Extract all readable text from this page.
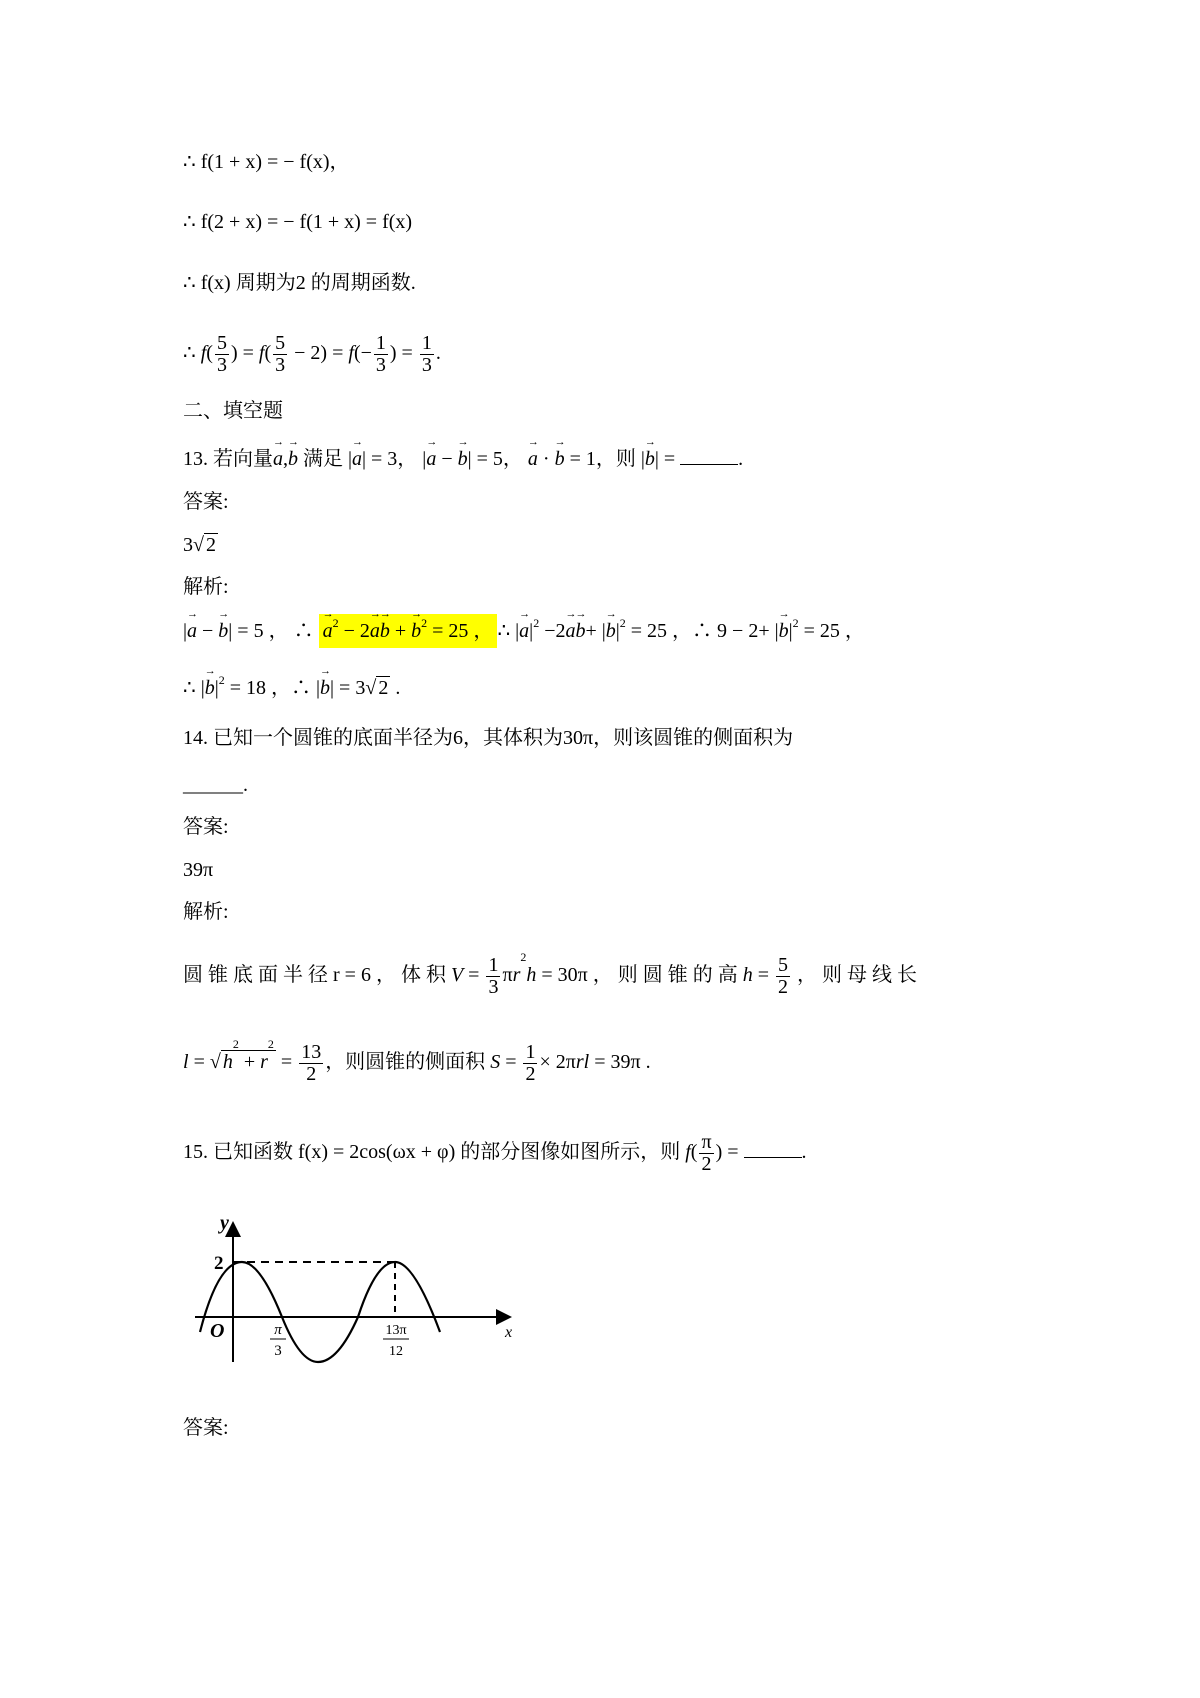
∴ f(1 + x) = − f(x)，
∴ f(2 + x) = − f(1 + x) = f(x)
∴ f(x) 周期为2 的周期函数.
∴ $f( \frac{5}{3}$ ) = $f( \frac{5}{3} - 2) = f(- \frac{1}{3}$ ) = $\frac{1}{3}$ .
二、填空题
13. 若向量→ a,→ b 满足 |→ a| = 3， |→ a − → b| = 5， → a · → b = 1，则 |→ b| =	.
答案:
3√ 2
解析:
|→ a − → b| = 5 ， ∴ → $a^2 - 2\to a\to b$ + → $b^2 = 25$ ， ∴ |→ $a|^2 -2\to a\to b+$ |→ $b|^2 = 25$ ，∴ 9 − 2+ |→ $b|^2 = 25$ ，
∴ |→ $b|^2 = 18$ ，∴ |→ b| = 3√ 2 .
14. 已知一个圆锥的底面半径为6，其体积为30π，则该圆锥的侧面积为
______.
答案:
39π
解析:
圆 锥 底 面 半 径 r = 6 ， 体 积 $V = \frac{1}{3} \pi r^2h = 30\pi$ ， 则 圆 锥 的 高 $h = \frac{5}{2}$ ， 则 母 线 长
l = √ $h^2 + r^2 = \frac{13}{2}$ ，则圆锥的侧面积 $S = \frac{1}{2} \times 2\pi rl = 39\pi$ .
15. 已知函数 f(x) = 2cos(ωx + φ) 的部分图像如图所示，则 $f( \frac{\pi}{2}$ ) =	.
y
2
O	x
π
3
13π
12
答案:
